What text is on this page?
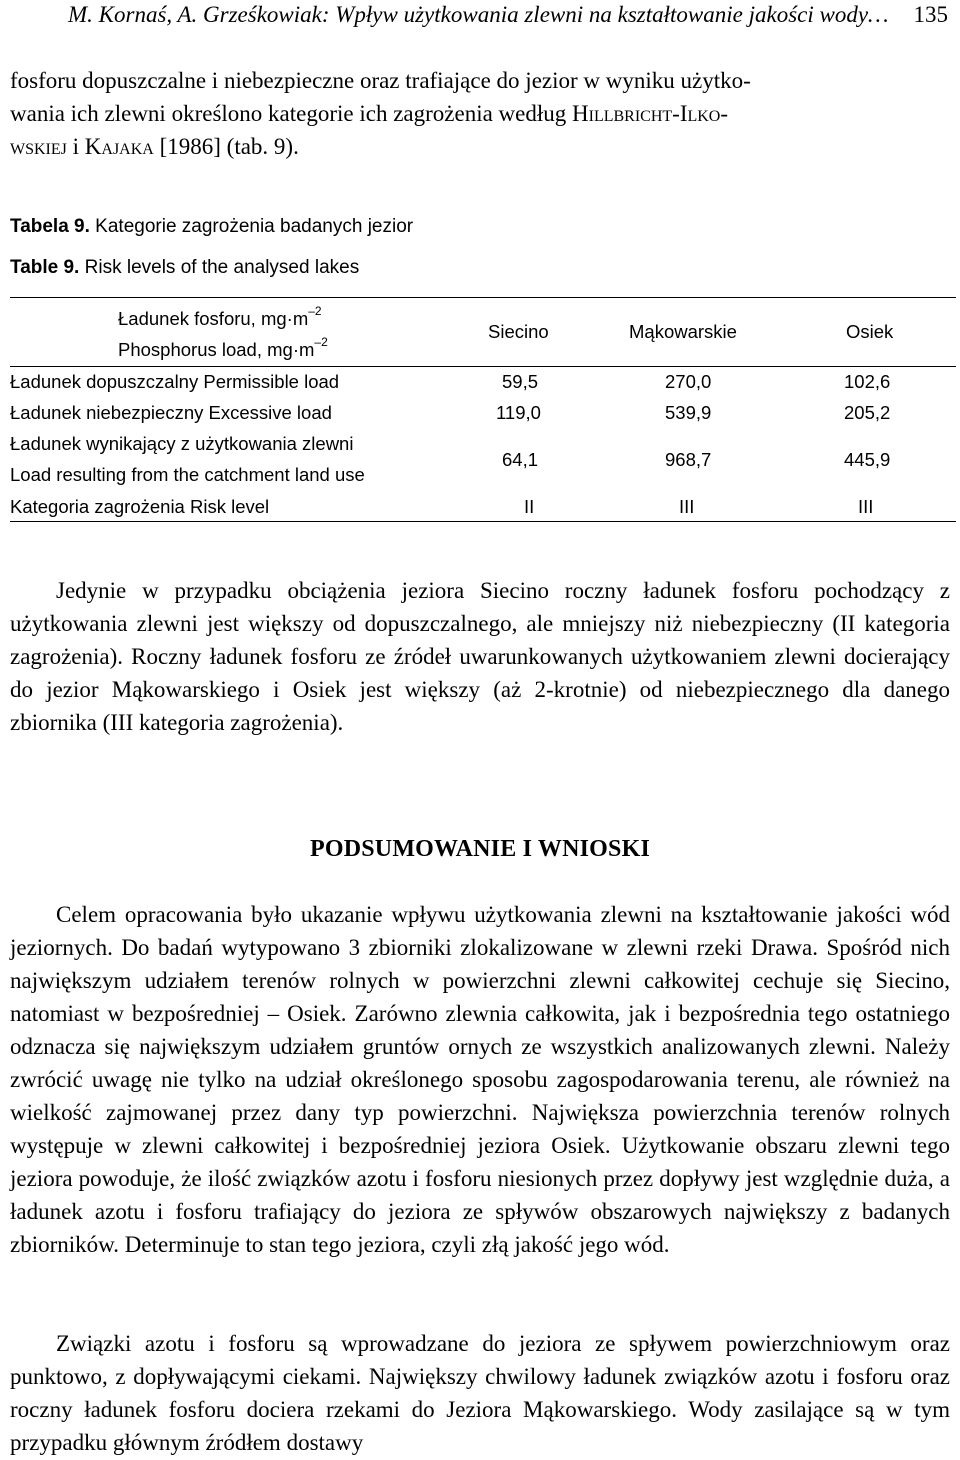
M. Kornaś, A. Grześkowiak: Wpływ użytkowania zlewni na kształtowanie jakości wody… 135
fosforu dopuszczalne i niebezpieczne oraz trafiające do jezior w wyniku użytko-
wania ich zlewni określono kategorie ich zagrożenia według Hillbricht-Ilko-
wskiej i Kajaka [1986] (tab. 9).
Tabela 9. Kategorie zagrożenia badanych jezior
Table 9. Risk levels of the analysed lakes
Ładunek fosforu, $mg\cdot m^{-2}$
Phosphorus load, $mg\cdot m^{-2}$	Siecino	Mąkowarskie	Osiek
Ładunek dopuszczalny Permissible load	59,5	270,0	102,6
Ładunek niebezpieczny Excessive load	119,0	539,9	205,2
Ładunek wynikający z użytkowania zlewni
Load resulting from the catchment land use
64,1	968,7	445,9
Kategoria zagrożenia Risk level	II	III	III
Jedynie w przypadku obciążenia jeziora Siecino roczny ładunek fosforu pochodzący z użytkowania zlewni jest większy od dopuszczalnego, ale mniejszy niż niebezpieczny (II kategoria zagrożenia). Roczny ładunek fosforu ze źródeł uwarunkowanych użytkowaniem zlewni docierający do jezior Mąkowarskiego i Osiek jest większy (aż 2-krotnie) od niebezpiecznego dla danego zbiornika (III kategoria zagrożenia).
PODSUMOWANIE I WNIOSKI
Celem opracowania było ukazanie wpływu użytkowania zlewni na kształtowanie jakości wód jeziornych. Do badań wytypowano 3 zbiorniki zlokalizowane w zlewni rzeki Drawa. Spośród nich największym udziałem terenów rolnych w powierzchni zlewni całkowitej cechuje się Siecino, natomiast w bezpośredniej – Osiek. Zarówno zlewnia całkowita, jak i bezpośrednia tego ostatniego odznacza się największym udziałem gruntów ornych ze wszystkich analizowanych zlewni. Należy zwrócić uwagę nie tylko na udział określonego sposobu zagospodarowania terenu, ale również na wielkość zajmowanej przez dany typ powierzchni. Największa powierzchnia terenów rolnych występuje w zlewni całkowitej i bezpośredniej jeziora Osiek. Użytkowanie obszaru zlewni tego jeziora powoduje, że ilość związków azotu i fosforu niesionych przez dopływy jest względnie duża, a ładunek azotu i fosforu trafiający do jeziora ze spływów obszarowych największy z badanych zbiorników. Determinuje to stan tego jeziora, czyli złą jakość jego wód.
Związki azotu i fosforu są wprowadzane do jeziora ze spływem powierzchniowym oraz punktowo, z dopływającymi ciekami. Największy chwilowy ładunek związków azotu i fosforu oraz roczny ładunek fosforu dociera rzekami do Jeziora Mąkowarskiego. Wody zasilające są w tym przypadku głównym źródłem dostawy
